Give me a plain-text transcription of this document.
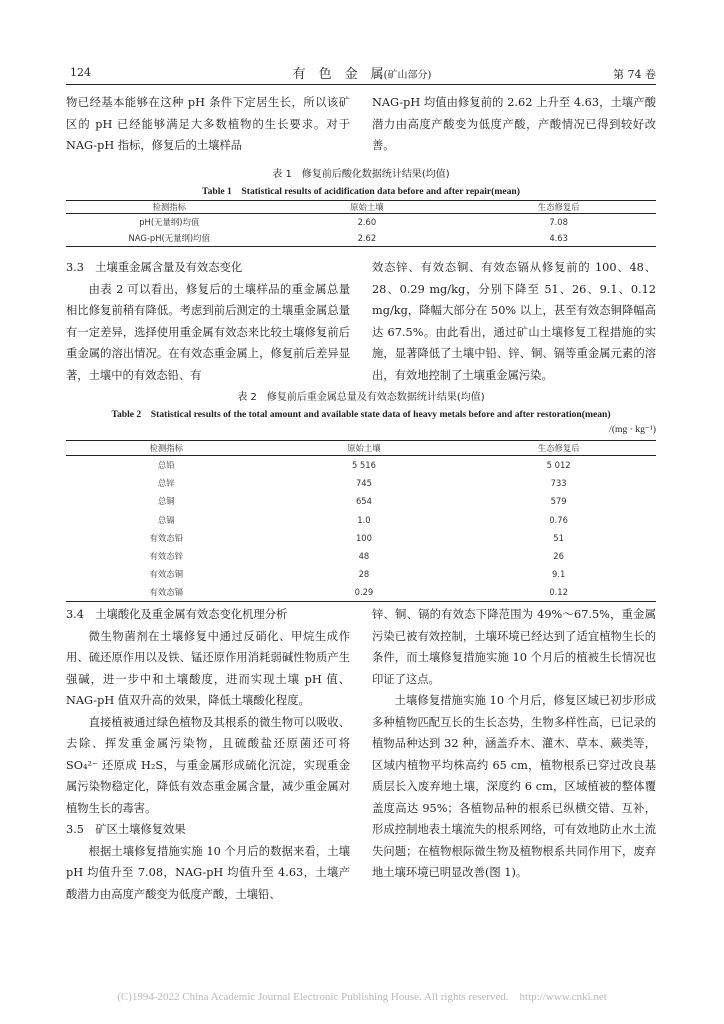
124	有　色　金　属(矿山部分)	第 74 卷

物已经基本能够在这种 pH 条件下定居生长，所以该矿区的 pH 已经能够满足大多数植物的生长要求。对于 NAG-pH 指标，修复后的土壤样品

NAG-pH 均值由修复前的 2.62 上升至 4.63，土壤产酸潜力由高度产酸变为低度产酸，产酸情况已得到较好改善。

表 1　修复前后酸化数据统计结果(均值)
Table 1　Statistical results of acidification data before and after repair(mean)
检测指标	原始土壤	生态修复后
pH(无量纲)均值	2.60	7.08
NAG-pH(无量纲)均值	2.62	4.63

3.3　土壤重金属含量及有效态变化

由表 2 可以看出，修复后的土壤样品的重金属总量相比修复前稍有降低。考虑到前后测定的土壤重金属总量有一定差异，选择使用重金属有效态来比较土壤修复前后重金属的溶出情况。在有效态重金属上，修复前后差异显著，土壤中的有效态铅、有

效态锌、有效态铜、有效态镉从修复前的 100、48、28、0.29 mg/kg，分别下降至 51、26、9.1、0.12 mg/kg，降幅大部分在 50% 以上，甚至有效态铜降幅高达 67.5%。由此看出，通过矿山土壤修复工程措施的实施，显著降低了土壤中铅、锌、铜、镉等重金属元素的溶出，有效地控制了土壤重金属污染。

表 2　修复前后重金属总量及有效态数据统计结果(均值)
Table 2　Statistical results of the total amount and available state data of heavy metals before and after restoration(mean)
/(mg · kg⁻¹)
检测指标	原始土壤	生态修复后
总铅	5 516	5 012
总锌	745	733
总铜	654	579
总镉	1.0	0.76
有效态铅	100	51
有效态锌	48	26
有效态铜	28	9.1
有效态镉	0.29	0.12

3.4　土壤酸化及重金属有效态变化机理分析

微生物菌剂在土壤修复中通过反硝化、甲烷生成作用、硫还原作用以及铁、锰还原作用消耗弱碱性物质产生强碱，进一步中和土壤酸度，进而实现土壤 pH 值、NAG-pH 值双升高的效果，降低土壤酸化程度。

直接植被通过绿色植物及其根系的微生物可以吸收、去除、挥发重金属污染物，且硫酸盐还原菌还可将 SO₄²⁻ 还原成 H₂S，与重金属形成硫化沉淀，实现重金属污染物稳定化，降低有效态重金属含量，减少重金属对植物生长的毒害。

3.5　矿区土壤修复效果

根据土壤修复措施实施 10 个月后的数据来看，土壤 pH 均值升至 7.08，NAG-pH 均值升至 4.63，土壤产酸潜力由高度产酸变为低度产酸，土壤铅、

锌、铜、镉的有效态下降范围为 49%～67.5%，重金属污染已被有效控制，土壤环境已经达到了适宜植物生长的条件，而土壤修复措施实施 10 个月后的植被生长情况也印证了这点。

土壤修复措施实施 10 个月后，修复区域已初步形成多种植物匹配互长的生长态势，生物多样性高，已记录的植物品种达到 32 种，涵盖乔木、灌木、草本、蕨类等，区域内植物平均株高约 65 cm，植物根系已穿过改良基质层长入废弃地土壤，深度约 6 cm，区域植被的整体覆盖度高达 95%；各植物品种的根系已纵横交错、互补，形成控制地表土壤流失的根系网络，可有效地防止水土流失问题；在植物根际微生物及植物根系共同作用下，废弃地土壤环境已明显改善(图 1)。

(C)1994-2022 China Academic Journal Electronic Publishing House. All rights reserved.　http://www.cnki.net
